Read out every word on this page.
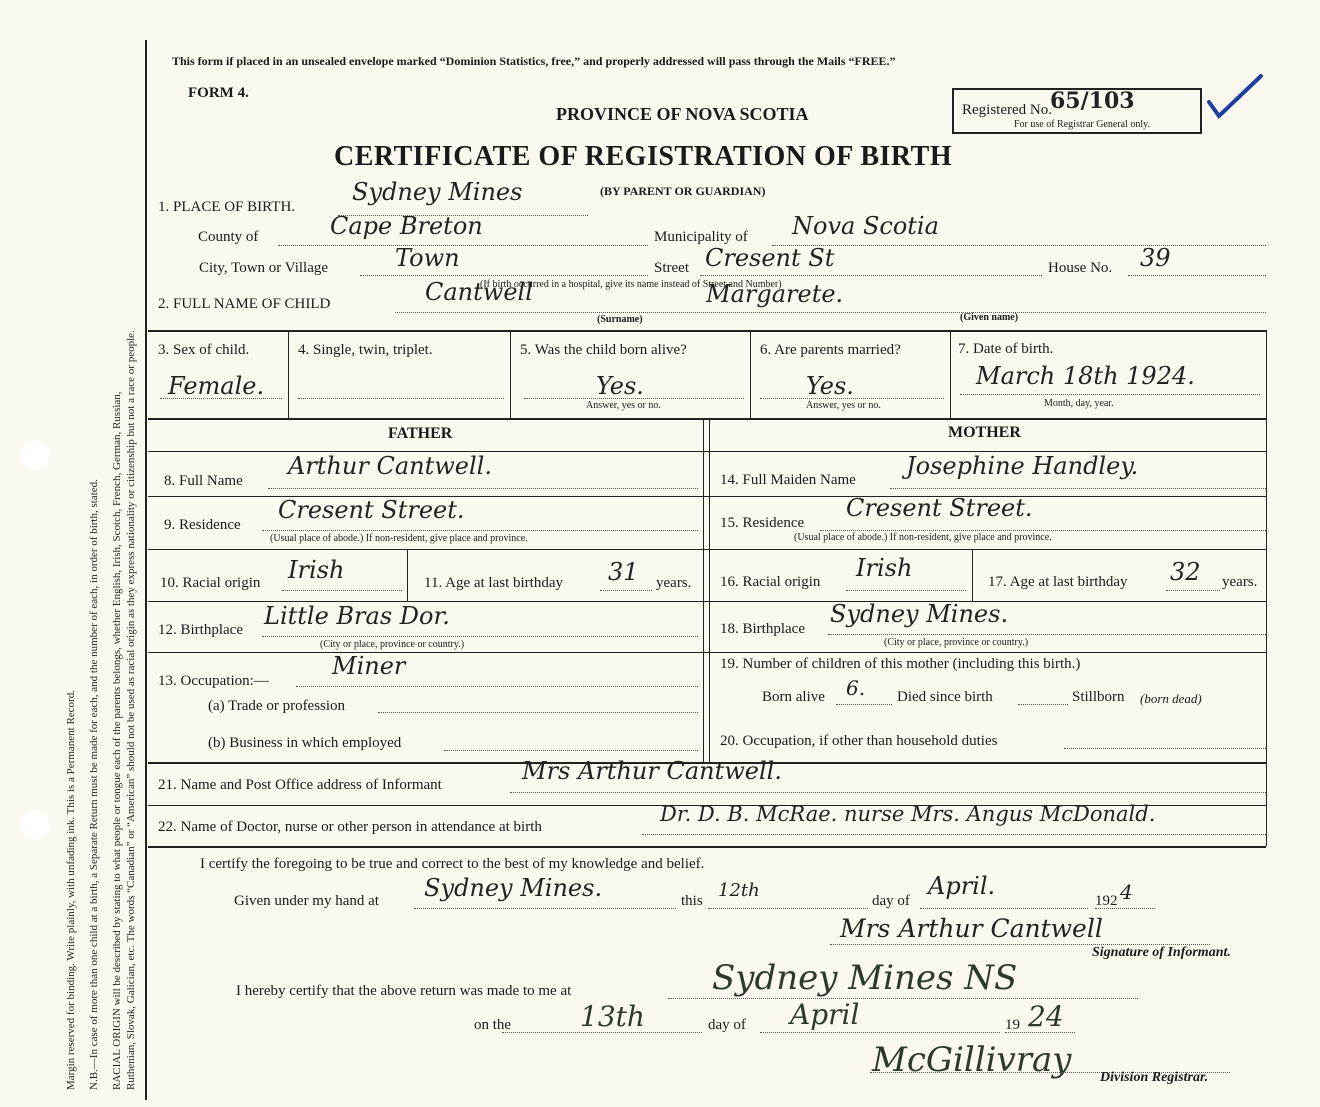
Margin reserved for binding. Write plainly, with unfading ink. This is a Permanent Record. N.B.—In case of more than one child at a birth, a Separate Return must be made for each, and the number of each, in order of birth, stated. RACIAL ORIGIN will be described by stating to what people or tongue each of the parents belongs, whether English, Irish, Scotch, French, German, Russian, Ruthenian, Slovak, Galician, etc. The words “Canadian” or “American” should not be used as racial origin as they express nationality or citizenship but not a race or people.
This form if placed in an unsealed envelope marked “Dominion Statistics, free,” and properly addressed will pass through the Mails “FREE.”
FORM 4.
PROVINCE OF NOVA SCOTIA
CERTIFICATE OF REGISTRATION OF BIRTH
Registered No.
65/103
For use of Registrar General only.
1. PLACE OF BIRTH.
Sydney Mines	(BY PARENT OR GUARDIAN)
County of	Cape Breton	Municipality of Nova Scotia
City, Town or Village	Town	Street Cresent St	House No. 39
(If birth occurred in a hospital, give its name instead of Street and Number)
2. FULL NAME OF CHILD	Cantwell	Margarete.
(Surname)	(Given name)
3. Sex of child.
Female.
4. Single, twin, triplet.	5. Was the child born alive?
Yes.
Answer, yes or no.
6. Are parents married?
Yes.
Answer, yes or no.
7. Date of birth.
March 18th 1924.
Month, day, year.
FATHER	MOTHER
8. Full Name
Arthur Cantwell.
9. Residence
Cresent Street.
(Usual place of abode.) If non-resident, give place and province.
10. Racial origin Irish	11. Age at last birthday 31 years.
12. Birthplace Little Bras Dor.
(City or place, province or country.)
13. Occupation:—
Miner
(a) Trade or profession
(b) Business in which employed
14. Full Maiden Name Josephine Handley.
15. Residence
Cresent Street.
(Usual place of abode.) If non-resident, give place and province.
16. Racial origin Irish	17. Age at last birthday 32 years.
18. Birthplace
Sydney Mines.
(City or place, province or country.)
19. Number of children of this mother (including this birth.)
Born alive 6. Died since birth	Stillborn (born dead)
20. Occupation, if other than household duties
21. Name and Post Office address of Informant	Mrs Arthur Cantwell.
22. Name of Doctor, nurse or other person in attendance at birth
Dr. D. B. McRae. nurse Mrs. Angus McDonald.
I certify the foregoing to be true and correct to the best of my knowledge and belief.
Given under my hand at Sydney Mines.	this 12th	day of
April.
192 4
Mrs Arthur Cantwell
Signature of Informant.
I hereby certify that the above return was made to me at	Sydney Mines NS
on the 13th	day of April	19 24
McGillivray Division Registrar.
